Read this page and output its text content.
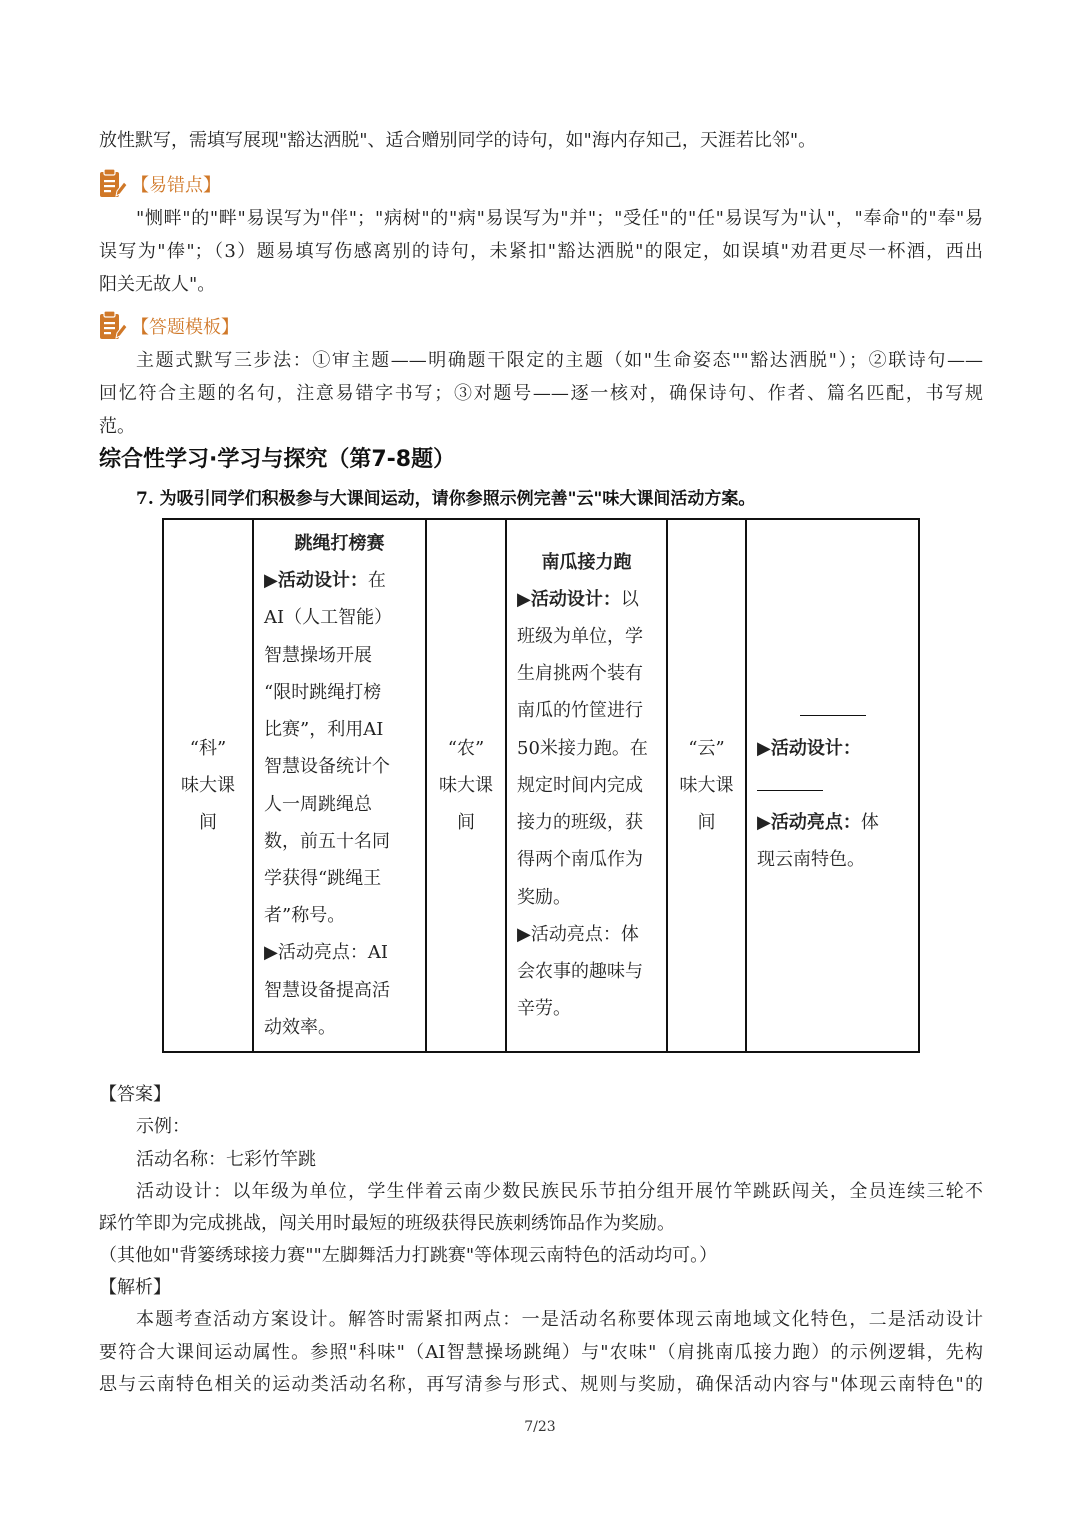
放性默写，需填写展现"豁达洒脱"、适合赠别同学的诗句，如"海内存知己，天涯若比邻"。
【易错点】
"恻畔"的"畔"易误写为"伴"；"病树"的"病"易误写为"并"；"受任"的"任"易误写为"认"，"奉命"的"奉"易
误写为"俸"；（3）题易填写伤感离别的诗句，未紧扣"豁达洒脱"的限定，如误填"劝君更尽一杯酒，西出
阳关无故人"。
【答题模板】
主题式默写三步法：①审主题——明确题干限定的主题（如"生命姿态""豁达洒脱"）；②联诗句——
回忆符合主题的名句，注意易错字书写；③对题号——逐一核对，确保诗句、作者、篇名匹配，书写规
范。
综合性学习·学习与探究（第7-8题）
7. 为吸引同学们积极参与大课间运动，请你参照示例完善"云"味大课间活动方案。
“科”
味大课
间

跳绳打榜赛
▶活动设计：在
AI（人工智能）
智慧操场开展
“限时跳绳打榜
比赛”，利用AI
智慧设备统计个
人一周跳绳总
数，前五十名同
学获得“跳绳王
者”称号。
▶活动亮点：AI
智慧设备提高活
动效率。

“农”
味大课
间

南瓜接力跑
▶活动设计：以
班级为单位，学
生肩挑两个装有
南瓜的竹筐进行
50米接力跑。在
规定时间内完成
接力的班级，获
得两个南瓜作为
奖励。
▶活动亮点：体
会农事的趣味与
辛劳。

“云”
味大课
间

▶活动设计：
▶活动亮点：体
现云南特色。
【答案】
示例：
活动名称：七彩竹竿跳
活动设计：以年级为单位，学生伴着云南少数民族民乐节拍分组开展竹竿跳跃闯关，全员连续三轮不
踩竹竿即为完成挑战，闯关用时最短的班级获得民族刺绣饰品作为奖励。
（其他如"背篓绣球接力赛""左脚舞活力打跳赛"等体现云南特色的活动均可。）
【解析】
本题考查活动方案设计。解答时需紧扣两点：一是活动名称要体现云南地域文化特色，二是活动设计
要符合大课间运动属性。参照"科味"（AI智慧操场跳绳）与"农味"（肩挑南瓜接力跑）的示例逻辑，先构
思与云南特色相关的运动类活动名称，再写清参与形式、规则与奖励，确保活动内容与"体现云南特色"的
7/23
